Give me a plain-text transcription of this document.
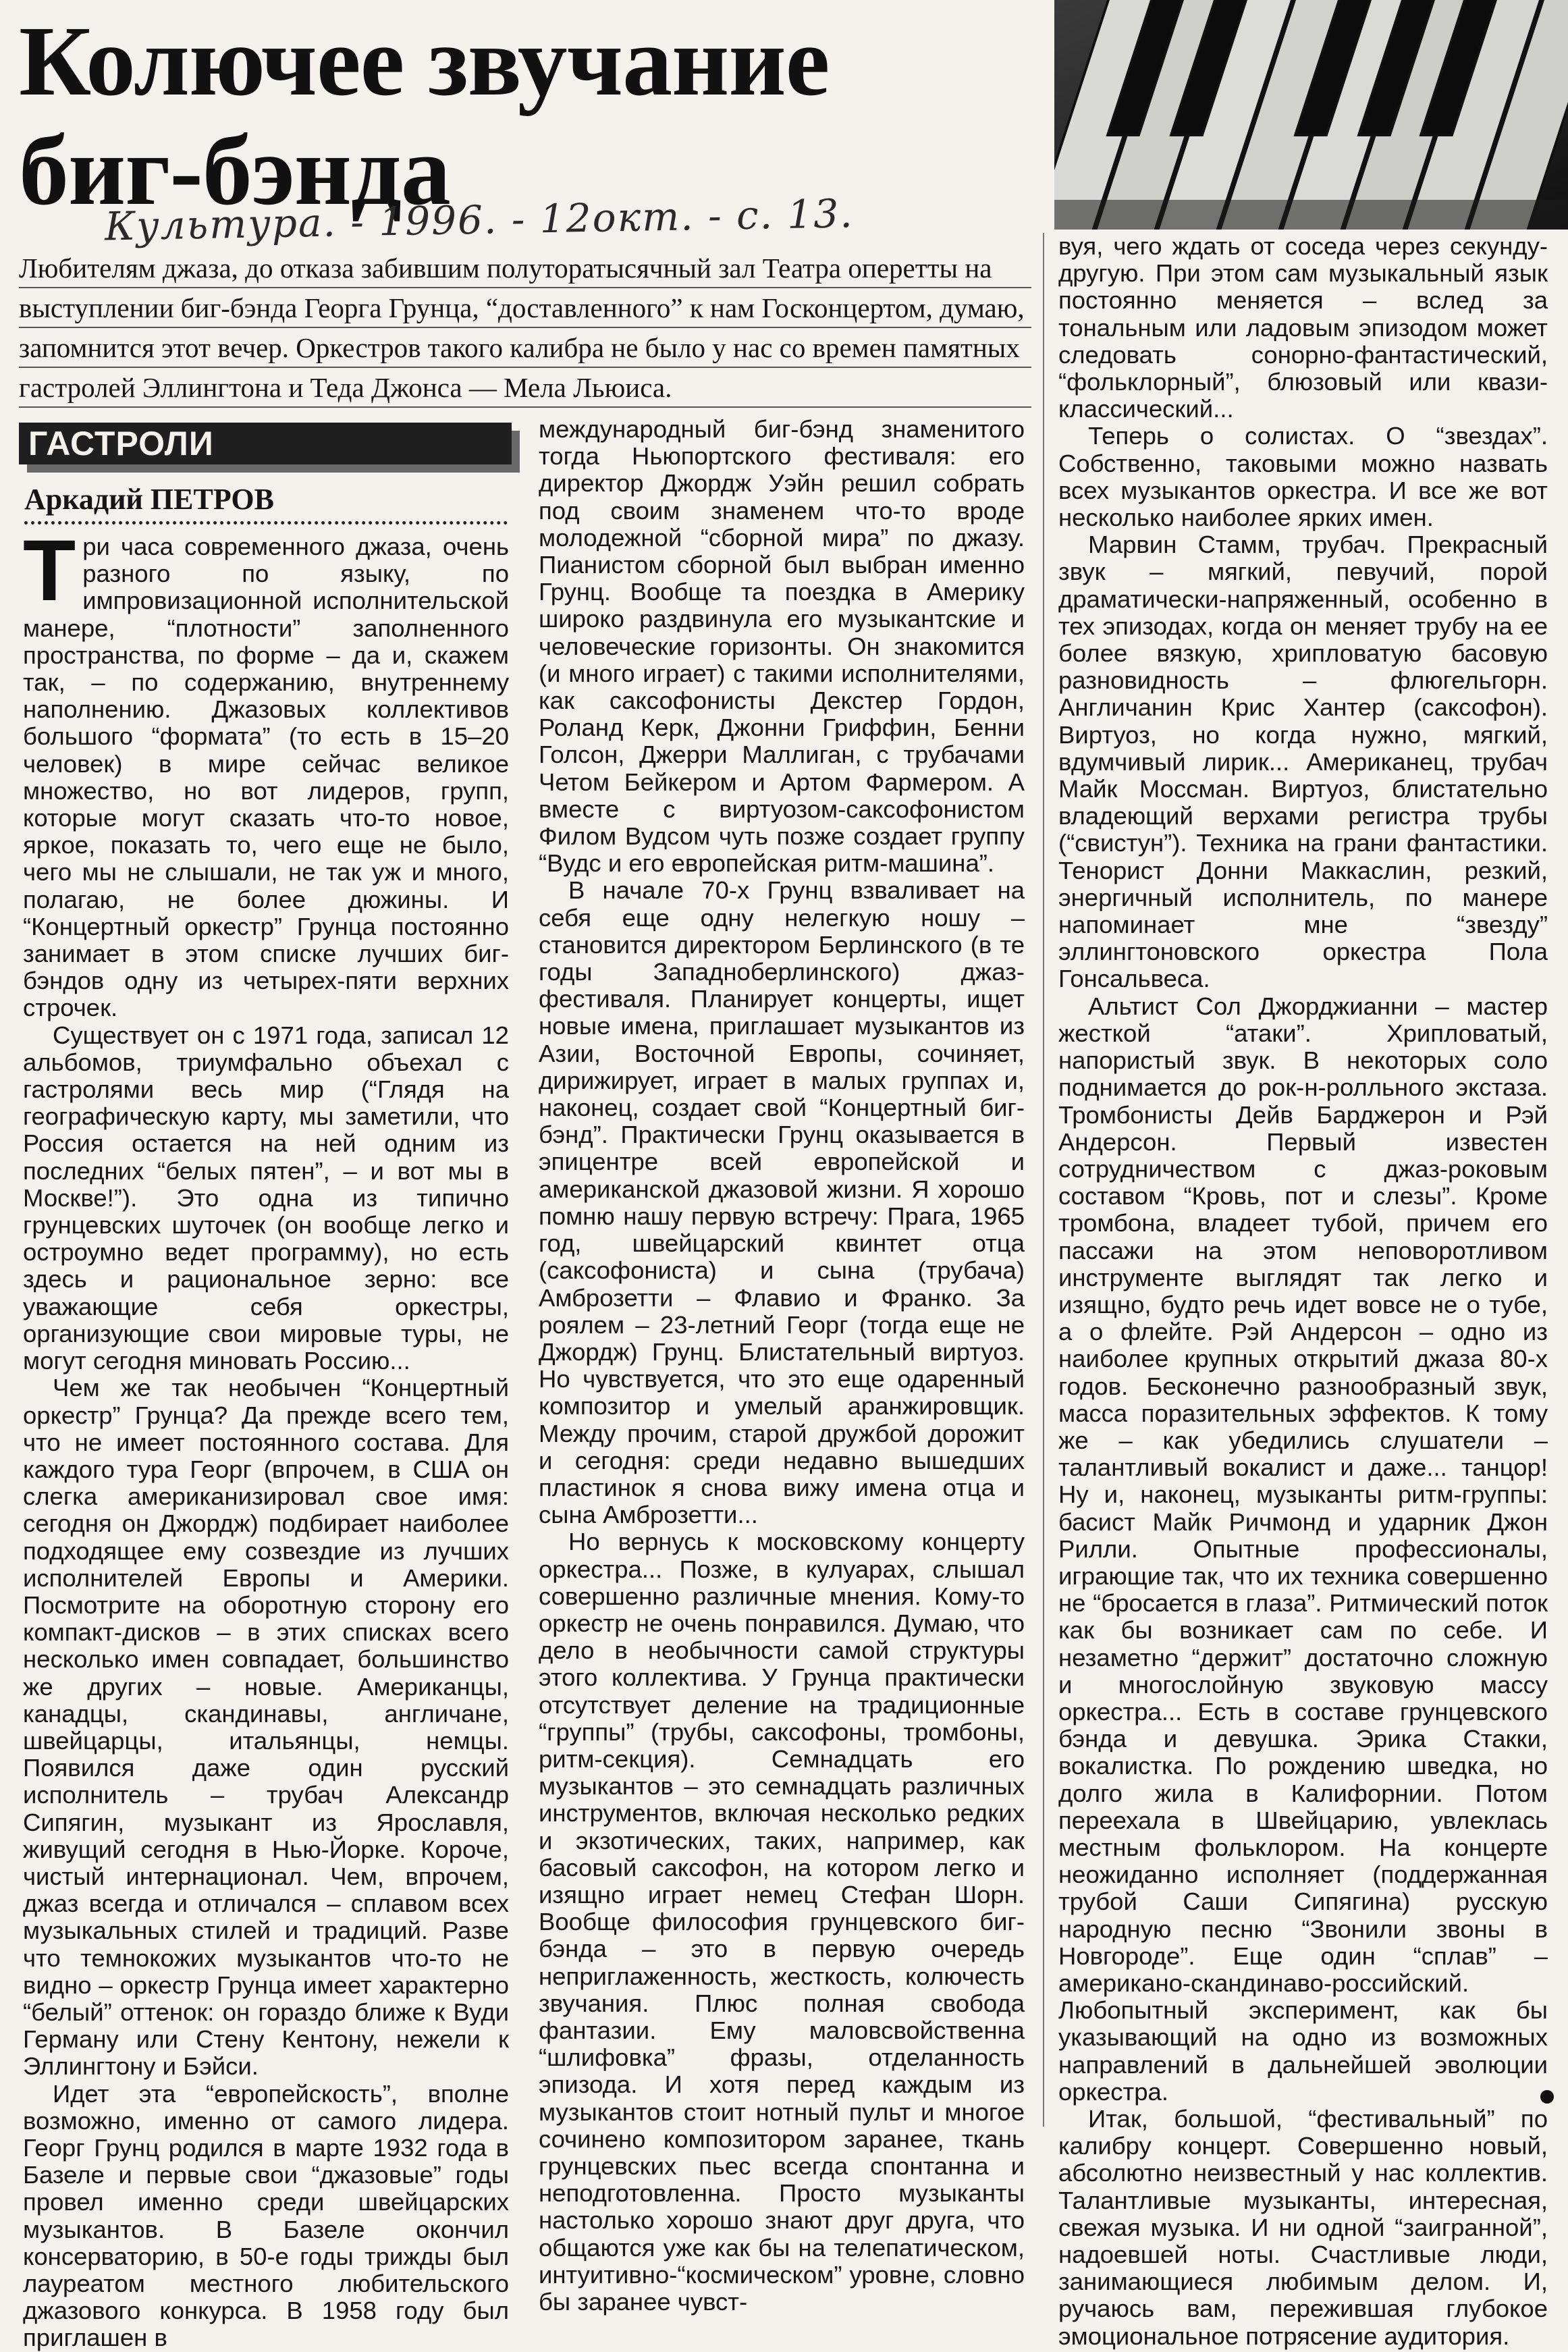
Колючее звучание
биг-бэнда
Культура. - 1996. - 12окт. - с. 13.
Любителям джаза, до отказа забившим полуторатысячный зал Театра оперетты на выступлении биг-бэнда Георга Грунца, “доставленного” к нам Госконцертом, думаю, запомнится этот вечер. Оркестров такого калибра не было у нас со времен памятных гастролей Эллингтона и Теда Джонса — Мела Льюиса.
ГАСТРОЛИ
Аркадий ПЕТРОВ

Три часа современного джаза, очень разного по языку, по импровизационной исполнительской манере, “плотности” заполненного пространства, по форме – да и, скажем так, – по содержанию, внутреннему наполнению. Джазовых коллективов большого “формата” (то есть в 15–20 человек) в мире сейчас великое множество, но вот лидеров, групп, которые могут сказать что-то новое, яркое, показать то, чего еще не было, чего мы не слышали, не так уж и много, полагаю, не более дюжины. И “Концертный оркестр” Грунца постоянно занимает в этом списке лучших биг-бэндов одну из четырех-пяти верхних строчек.

Существует он с 1971 года, записал 12 альбомов, триумфально объехал с гастролями весь мир (“Глядя на географическую карту, мы заметили, что Россия остается на ней одним из последних “белых пятен”, – и вот мы в Москве!”). Это одна из типично грунцевских шуточек (он вообще легко и остроумно ведет программу), но есть здесь и рациональное зерно: все уважающие себя оркестры, организующие свои мировые туры, не могут сегодня миновать Россию...

Чем же так необычен “Концертный оркестр” Грунца? Да прежде всего тем, что не имеет постоянного состава. Для каждого тура Георг (впрочем, в США он слегка американизировал свое имя: сегодня он Джордж) подбирает наиболее подходящее ему созвездие из лучших исполнителей Европы и Америки. Посмотрите на оборотную сторону его компакт-дисков – в этих списках всего несколько имен совпадает, большинство же других – новые. Американцы, канадцы, скандинавы, англичане, швейцарцы, итальянцы, немцы. Появился даже один русский исполнитель – трубач Александр Сипягин, музыкант из Ярославля, живущий сегодня в Нью-Йорке. Короче, чистый интернационал. Чем, впрочем, джаз всегда и отличался – сплавом всех музыкальных стилей и традиций. Разве что темнокожих музыкантов что-то не видно – оркестр Грунца имеет характерно “белый” оттенок: он гораздо ближе к Вуди Герману или Стену Кентону, нежели к Эллингтону и Бэйси.

Идет эта “европейскость”, вполне возможно, именно от самого лидера. Георг Грунц родился в марте 1932 года в Базеле и первые свои “джазовые” годы провел именно среди швейцарских музыкантов. В Базеле окончил консерваторию, в 50-е годы трижды был лауреатом местного любительского джазового конкурса. В 1958 году был приглашен в

международный биг-бэнд знаменитого тогда Ньюпортского фестиваля: его директор Джордж Уэйн решил собрать под своим знаменем что-то вроде молодежной “сборной мира” по джазу. Пианистом сборной был выбран именно Грунц. Вообще та поездка в Америку широко раздвинула его музыкантские и человеческие горизонты. Он знакомится (и много играет) с такими исполнителями, как саксофонисты Декстер Гордон, Роланд Керк, Джонни Гриффин, Бенни Голсон, Джерри Маллиган, с трубачами Четом Бейкером и Артом Фармером. А вместе с виртуозом-саксофонистом Филом Вудсом чуть позже создает группу “Вудс и его европейская ритм-машина”.

В начале 70-х Грунц взваливает на себя еще одну нелегкую ношу – становится директором Берлинского (в те годы Западноберлинского) джаз-фестиваля. Планирует концерты, ищет новые имена, приглашает музыкантов из Азии, Восточной Европы, сочиняет, дирижирует, играет в малых группах и, наконец, создает свой “Концертный биг-бэнд”. Практически Грунц оказывается в эпицентре всей европейской и американской джазовой жизни. Я хорошо помню нашу первую встречу: Прага, 1965 год, швейцарский квинтет отца (саксофониста) и сына (трубача) Амброзетти – Флавио и Франко. За роялем – 23-летний Георг (тогда еще не Джордж) Грунц. Блистательный виртуоз. Но чувствуется, что это еще одаренный композитор и умелый аранжировщик. Между прочим, старой дружбой дорожит и сегодня: среди недавно вышедших пластинок я снова вижу имена отца и сына Амброзетти...

Но вернусь к московскому концерту оркестра... Позже, в кулуарах, слышал совершенно различные мнения. Кому-то оркестр не очень понравился. Думаю, что дело в необычности самой структуры этого коллектива. У Грунца практически отсутствует деление на традиционные “группы” (трубы, саксофоны, тромбоны, ритм-секция). Семнадцать его музыкантов – это семнадцать различных инструментов, включая несколько редких и экзотических, таких, например, как басовый саксофон, на котором легко и изящно играет немец Стефан Шорн. Вообще философия грунцевского биг-бэнда – это в первую очередь неприглаженность, жесткость, колючесть звучания. Плюс полная свобода фантазии. Ему маловсвойственна “шлифовка” фразы, отделанность эпизода. И хотя перед каждым из музыкантов стоит нотный пульт и многое сочинено композитором заранее, ткань грунцевских пьес всегда спонтанна и неподготовленна. Просто музыканты настолько хорошо знают друг друга, что общаются уже как бы на телепатическом, интуитивно-“космическом” уровне, словно бы заранее чувст-

вуя, чего ждать от соседа через секунду-другую. При этом сам музыкальный язык постоянно меняется – вслед за тональным или ладовым эпизодом может следовать сонорно-фантастический, “фольклорный”, блюзовый или квази-классический...

Теперь о солистах. О “звездах”. Собственно, таковыми можно назвать всех музыкантов оркестра. И все же вот несколько наиболее ярких имен.

Марвин Стамм, трубач. Прекрасный звук – мягкий, певучий, порой драматически-напряженный, особенно в тех эпизодах, когда он меняет трубу на ее более вязкую, хрипловатую басовую разновидность – флюгельгорн. Англичанин Крис Хантер (саксофон). Виртуоз, но когда нужно, мягкий, вдумчивый лирик... Американец, трубач Майк Моссман. Виртуоз, блистательно владеющий верхами регистра трубы (“свистун”). Техника на грани фантастики. Тенорист Донни Маккаслин, резкий, энергичный исполнитель, по манере напоминает мне “звезду” эллингтоновского оркестра Пола Гонсальвеса.

Альтист Сол Джорджианни – мастер жесткой “атаки”. Хрипловатый, напористый звук. В некоторых соло поднимается до рок-н-ролльного экстаза. Тромбонисты Дейв Барджерон и Рэй Андерсон. Первый известен сотрудничеством с джаз-роковым составом “Кровь, пот и слезы”. Кроме тромбона, владеет тубой, причем его пассажи на этом неповоротливом инструменте выглядят так легко и изящно, будто речь идет вовсе не о тубе, а о флейте. Рэй Андерсон – одно из наиболее крупных открытий джаза 80-х годов. Бесконечно разнообразный звук, масса поразительных эффектов. К тому же – как убедились слушатели – талантливый вокалист и даже... танцор! Ну и, наконец, музыканты ритм-группы: басист Майк Ричмонд и ударник Джон Рилли. Опытные профессионалы, играющие так, что их техника совершенно не “бросается в глаза”. Ритмический поток как бы возникает сам по себе. И незаметно “держит” достаточно сложную и многослойную звуковую массу оркестра... Есть в составе грунцевского бэнда и девушка. Эрика Стакки, вокалистка. По рождению шведка, но долго жила в Калифорнии. Потом переехала в Швейцарию, увлеклась местным фольклором. На концерте неожиданно исполняет (поддержанная трубой Саши Сипягина) русскую народную песню “Звонили звоны в Новгороде”. Еще один “сплав” – американо-скандинаво-российский. Любопытный эксперимент, как бы указывающий на одно из возможных направлений в дальнейшей эволюции оркестра.

Итак, большой, “фестивальный” по калибру концерт. Совершенно новый, абсолютно неизвестный у нас коллектив. Талантливые музыканты, интересная, свежая музыка. И ни одной “заигранной”, надоевшей ноты. Счастливые люди, занимающиеся любимым делом. И, ручаюсь вам, пережившая глубокое эмоциональное потрясение аудитория.
